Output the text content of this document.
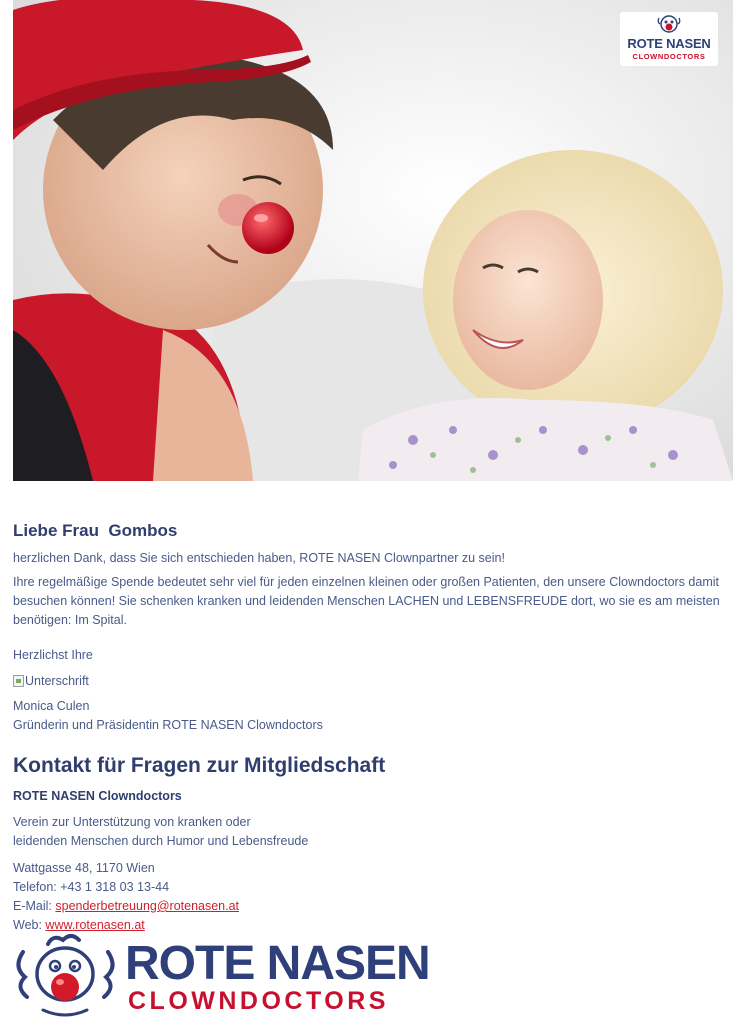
ROTE NASEN
CLOWNDOCTORS

Liebe Frau  Gombos

herzlichen Dank, dass Sie sich entschieden haben, ROTE NASEN Clownpartner zu sein!

Ihre regelmäßige Spende bedeutet sehr viel für jeden einzelnen kleinen oder großen Patienten, den unsere Clowndoctors damit besuchen können! Sie schenken kranken und leidenden Menschen LACHEN und LEBENSFREUDE dort, wo sie es am meisten benötigen: Im Spital.

Herzlichst Ihre

Unterschrift

Monica Culen

Gründerin und Präsidentin ROTE NASEN Clowndoctors

Kontakt für Fragen zur Mitgliedschaft
ROTE NASEN Clowndoctors

Verein zur Unterstützung von kranken oder

leidenden Menschen durch Humor und Lebensfreude

Wattgasse 48, 1170 Wien

Telefon: +43 1 318 03 13-44

E-Mail: spenderbetreuung@rotenasen.at

Web: www.rotenasen.at

ROTE NASEN
CLOWNDOCTORS
